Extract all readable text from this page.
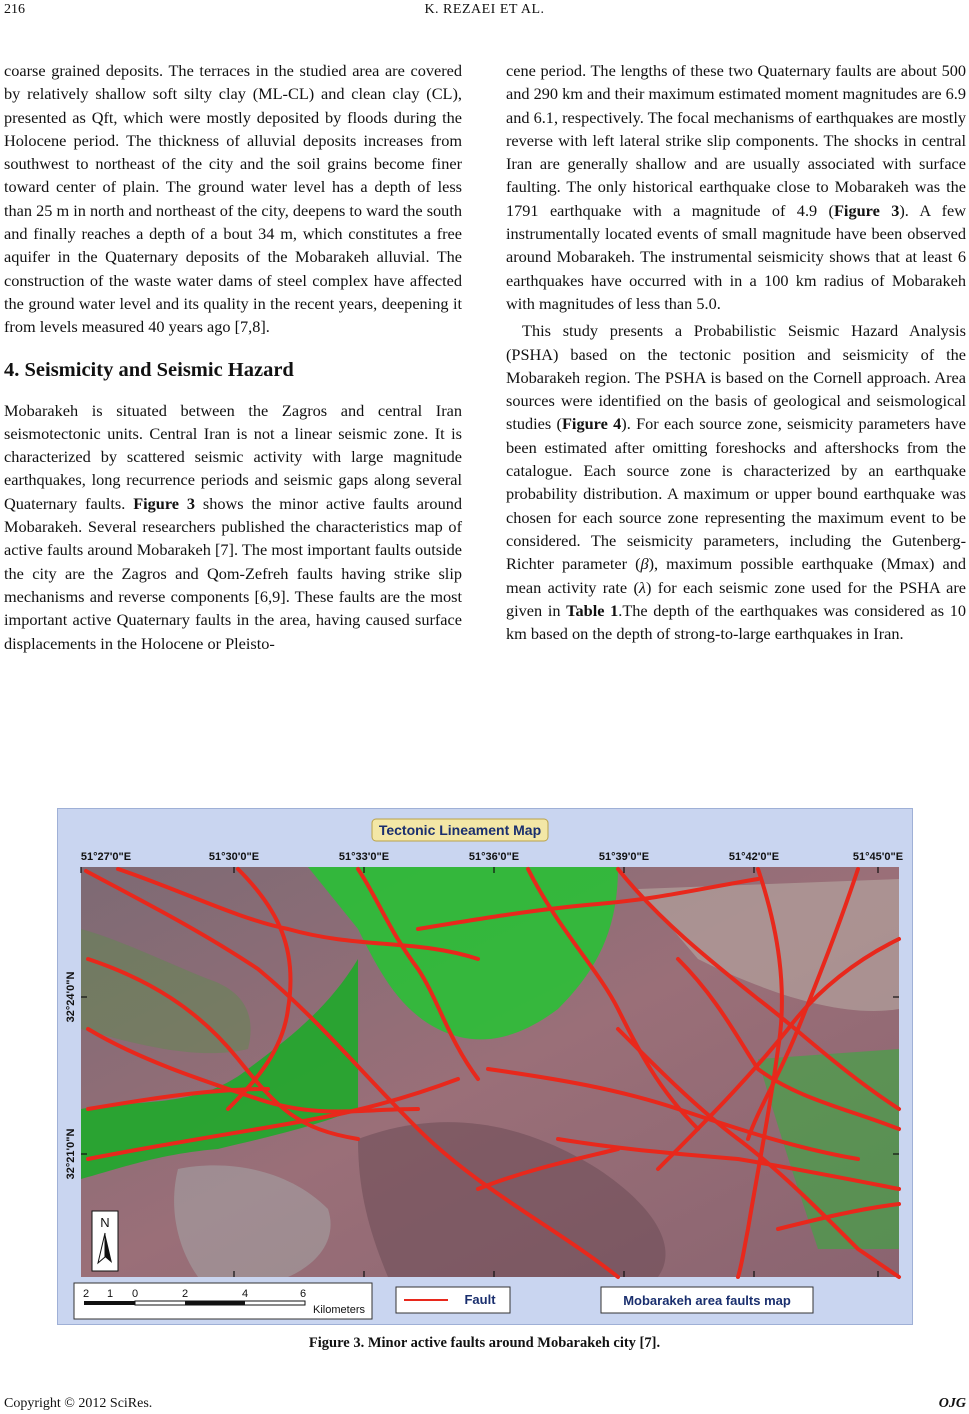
216	K. REZAEI ET AL.

coarse grained deposits. The terraces in the studied area are covered by relatively shallow soft silty clay (ML-CL) and clean clay (CL), presented as Qft, which were mostly deposited by floods during the Holocene period. The thickness of alluvial deposits increases from southwest to northeast of the city and the soil grains become finer toward center of plain. The ground water level has a depth of less than 25 m in north and northeast of the city, deepens to ward the south and finally reaches a depth of a bout 34 m, which constitutes a free aquifer in the Quaternary deposits of the Mobarakeh alluvial. The construction of the waste water dams of steel complex have affected the ground water level and its quality in the recent years, deepening it from levels measured 40 years ago [7,8].

4. Seismicity and Seismic Hazard

Mobarakeh is situated between the Zagros and central Iran seismotectonic units. Central Iran is not a linear seismic zone. It is characterized by scattered seismic activity with large magnitude earthquakes, long recurrence periods and seismic gaps along several Quaternary faults. Figure 3 shows the minor active faults around Mobarakeh. Several researchers published the characteristics map of active faults around Mobarakeh [7]. The most important faults outside the city are the Zagros and Qom-Zefreh faults having strike slip mechanisms and reverse components [6,9]. These faults are the most important active Quaternary faults in the area, having caused surface displacements in the Holocene or Pleisto-

cene period. The lengths of these two Quaternary faults are about 500 and 290 km and their maximum estimated moment magnitudes are 6.9 and 6.1, respectively. The focal mechanisms of earthquakes are mostly reverse with left lateral strike slip components. The shocks in central Iran are generally shallow and are usually associated with surface faulting. The only historical earthquake close to Mobarakeh was the 1791 earthquake with a magnitude of 4.9 (Figure 3). A few instrumentally located events of small magnitude have been observed around Mobarakeh. The instrumental seismicity shows that at least 6 earthquakes have occurred with in a 100 km radius of Mobarakeh with magnitudes of less than 5.0.

This study presents a Probabilistic Seismic Hazard Analysis (PSHA) based on the tectonic position and seismicity of the Mobarakeh region. The PSHA is based on the Cornell approach. Area sources were identified on the basis of geological and seismological studies (Figure 4). For each source zone, seismicity parameters have been estimated after omitting foreshocks and aftershocks from the catalogue. Each source zone is characterized by an earthquake probability distribution. A maximum or upper bound earthquake was chosen for each source zone representing the maximum event to be considered. The seismicity parameters, including the Gutenberg-Richter parameter (β), maximum possible earthquake (Mmax) and mean activity rate (λ) for each seismic zone used for the PSHA are given in Table 1.The depth of the earthquakes was considered as 10 km based on the depth of strong-to-large earthquakes in Iran.

Tectonic Lineament Map
51°27'0"E	51°30'0"E	51°33'0"E	51°36'0"E	51°39'0"E	51°42'0"E	51°45'0"E
32°24'0"N
32°21'0"N
N
2 1 0	2	4	6
Kilometers
Fault	Mobarakeh area faults map
Figure 3. Minor active faults around Mobarakeh city [7].
Copyright © 2012 SciRes.	OJG
